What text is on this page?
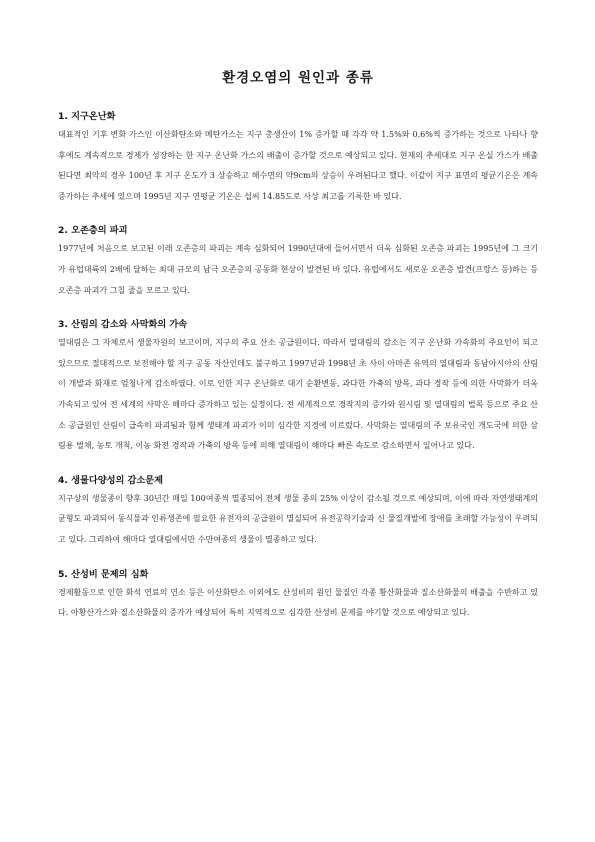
환경오염의 원인과 종류
1. 지구온난화

대표적인 기후 변화 가스인 이산화탄소와 메탄가스는 지구 총생산이 1% 증가할 때 각각 약 1.5%와 0.6%씩 증가하는 것으로 나타나 향후에도 계속적으로 경제가 성장하는 한 지구 온난화 가스의 배출이 증가할 것으로 예상되고 있다. 현재의 추세대로 지구 온실 가스가 배출된다면 최악의 경우 100년 후 지구 온도가 3 상승하고 해수면의 약9cm의 상승이 우려된다고 했다. 이같이 지구 표면의 평균기온은 계속 증가하는 추세에 있으며 1995년 지구 연평균 기온은 섭씨 14.85도로 사상 최고를 기록한 바 있다.

2. 오존층의 파괴

1977년에 처음으로 보고된 이래 오존층의 파괴는 계속 심화되어 1990년대에 들어서면서 더욱 심화된 오존층 파괴는 1995년에 그 크기가 유럽대륙의 2배에 달하는 최대 규모의 남극 오존층의 공동화 현상이 발견된 바 있다. 유럽에서도 새로운 오존층 발견(프랑스 등)하는 등 오존층 파괴가 그칠 줄을 모르고 있다.

3. 산림의 감소와 사막화의 가속

열대림은 그 자체로서 생물자원의 보고이며, 지구의 주요 산소 공급원이다. 따라서 열대림의 감소는 지구 온난화 가속화의 주요인이 되고 있으므로 절대적으로 보전해야 할 지구 공동 자산인데도 불구하고 1997년과 1998년 초 사이 아마존 유역의 열대림과 동남아시아의 산림이 개발과 화재로 엄청나게 감소하였다. 이로 인한 지구 온난화로 대기 순환변동, 과다한 가축의 방목, 과다 경작 등에 의한 사막화가 더욱 가속되고 있어 전 세계의 사막은 해마다 증가하고 있는 실정이다. 전 세계적으로 경작지의 증가와 원시림 및 열대림의 벌목 등으로 주요 산소 공급원인 산림이 급속히 파괴됨과 함께 생태계 파괴가 이미 심각한 지경에 이르렀다. 사막화는 열대림의 주 보유국인 개도국에 의한 삼림용 벌채, 농토 개척, 이농 화전 경작과 가축의 방목 등에 의해 열대림이 해마다 빠른 속도로 감소하면서 일어나고 있다.

4. 생물다양성의 감소문제

지구상의 생물종이 향후 30년간 매일 100여종씩 멸종되어 전체 생물 종의 25% 이상이 감소될 것으로 예상되며, 이에 따라 자연생태계의 균형도 파괴되어 동식물과 인류생존에 필요한 유전자의 공급원이 멸실되어 유전공학기술과 신 물질개발에 장애를 초래할 가능성이 우려되고 있다. 그리하여 해마다 열대림에서만 수만여종의 생물이 멸종하고 있다.

5. 산성비 문제의 심화

경제활동으로 인한 화석 연료의 연소 등은 이산화탄소 이외에도 산성비의 원인 물질인 각종 황산화물과 질소산화물의 배출을 수반하고 있다. 아황산가스와 질소산화물의 증가가 예상되어 특히 지역적으로 심각한 산성비 문제를 야기할 것으로 예상되고 있다.
